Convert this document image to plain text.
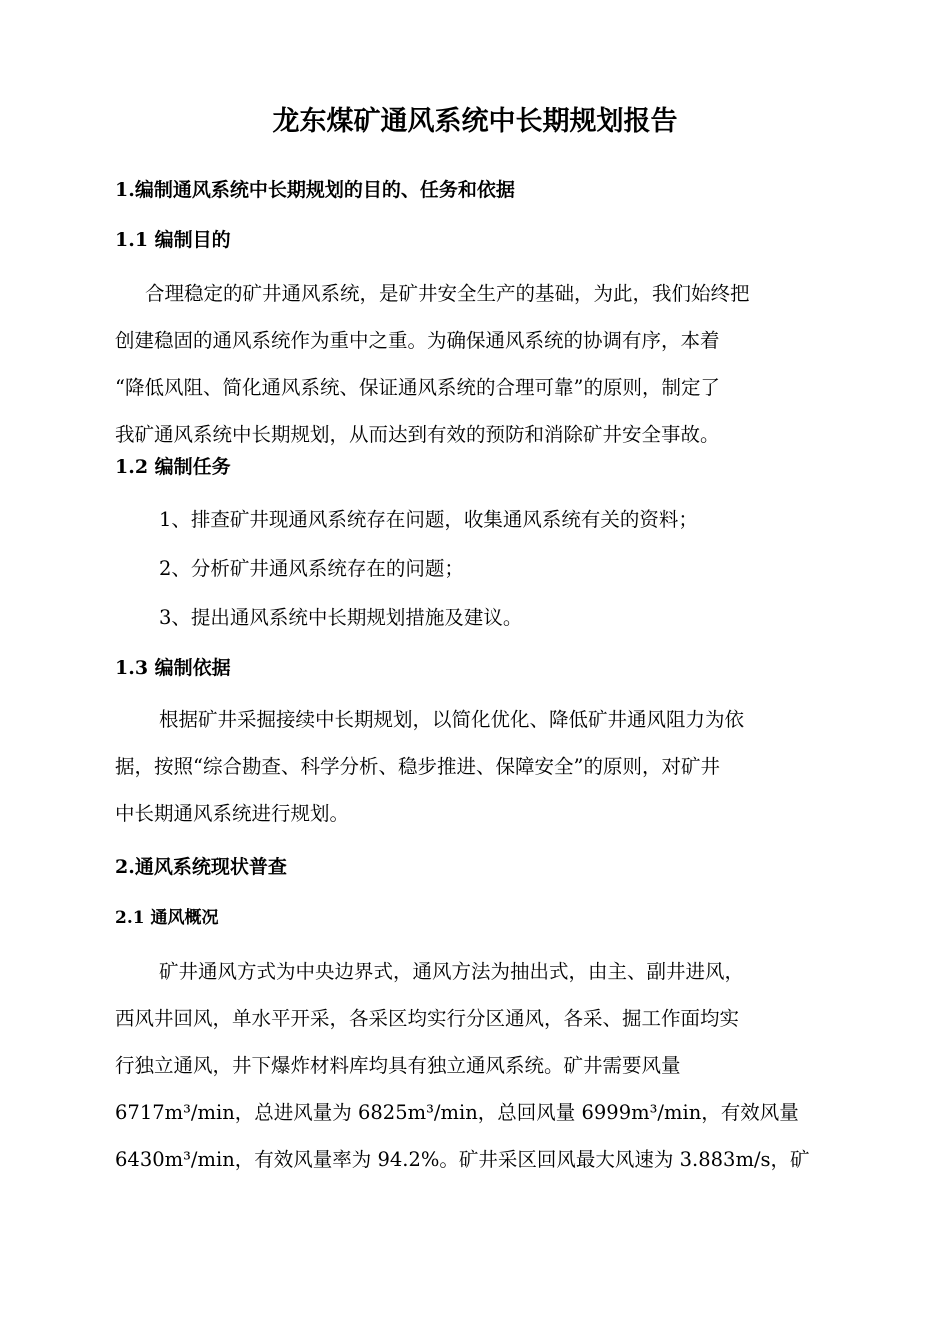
龙东煤矿通风系统中长期规划报告
1.编制通风系统中长期规划的目的、任务和依据
1.1 编制目的
合理稳定的矿井通风系统，是矿井安全生产的基础，为此，我们始终把
创建稳固的通风系统作为重中之重。为确保通风系统的协调有序，本着
“降低风阻、简化通风系统、保证通风系统的合理可靠”的原则，制定了
我矿通风系统中长期规划，从而达到有效的预防和消除矿井安全事故。
1.2 编制任务

1、排查矿井现通风系统存在问题，收集通风系统有关的资料；

2、分析矿井通风系统存在的问题；

3、提出通风系统中长期规划措施及建议。

1.3 编制依据
根据矿井采掘接续中长期规划，以简化优化、降低矿井通风阻力为依
据，按照“综合勘查、科学分析、稳步推进、保障安全”的原则，对矿井
中长期通风系统进行规划。
2.通风系统现状普查
2.1 通风概况
矿井通风方式为中央边界式，通风方法为抽出式，由主、副井进风，
西风井回风，单水平开采，各采区均实行分区通风，各采、掘工作面均实
行独立通风，井下爆炸材料库均具有独立通风系统。矿井需要风量
6717m³/min，总进风量为 6825m³/min，总回风量 6999m³/min，有效风量
6430m³/min，有效风量率为 94.2%。矿井采区回风最大风速为 3.883m/s，矿
